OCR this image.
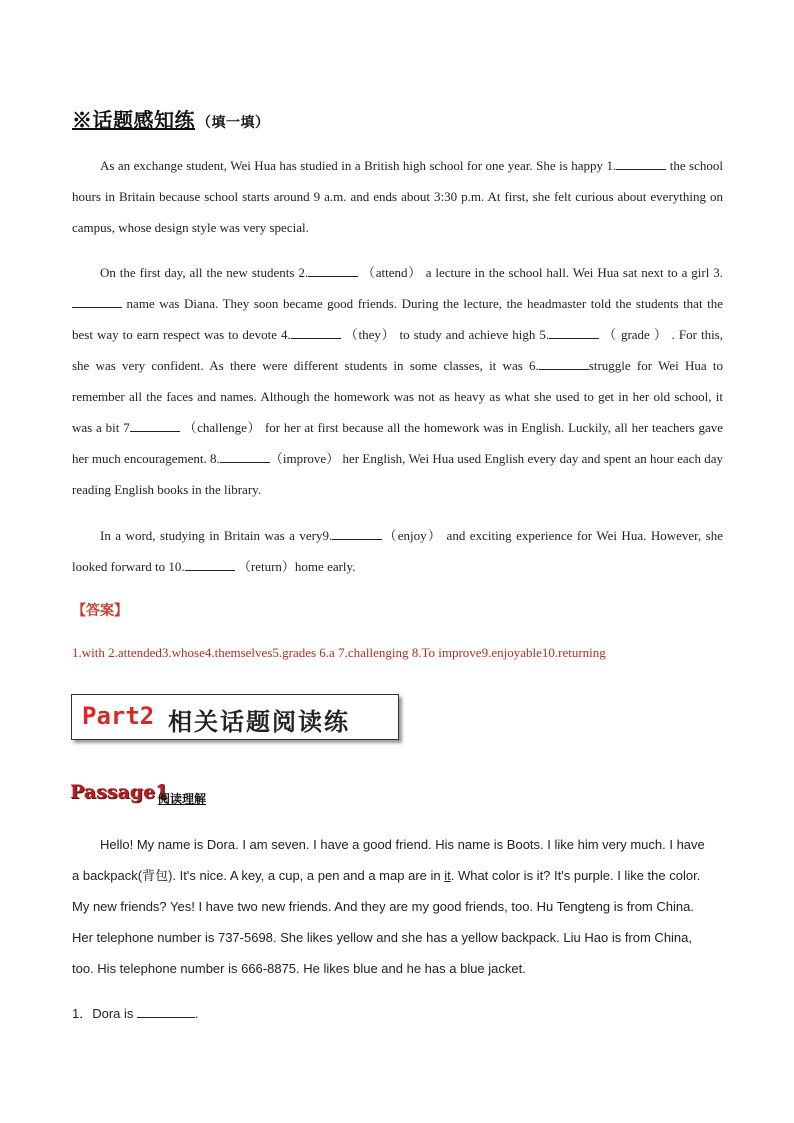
※话题感知练 （填一填）
As an exchange student, Wei Hua has studied in a British high school for one year. She is happy 1.	the school hours in Britain because school starts around 9 a.m. and ends about 3:30 p.m. At first, she felt curious about everything on campus, whose design style was very special.
On the first day, all the new students 2.	（attend） a lecture in the school hall. Wei Hua sat next to a girl 3. name was Diana. They soon became good friends. During the lecture, the headmaster told the students that the best way to earn respect was to devote 4.	（they） to study and achieve high 5.	（ grade ） . For this, she was very confident. As there were different students in some classes, it was 6.	struggle for Wei Hua to remember all the faces and names. Although the homework was not as heavy as what she used to get in her old school, it was a bit 7	（challenge） for her at first because all the homework was in English. Luckily, all her teachers gave her much encouragement. 8.	（improve） her English, Wei Hua used English every day and spent an hour each day reading English books in the library.
In a word, studying in Britain was a very9.	（enjoy） and exciting experience for Wei Hua. However, she looked forward to 10.	（return）home early.
【答案】
1.with 2.attended3.whose4.themselves5.grades 6.a 7.challenging 8.To improve9.enjoyable10.returning
Part2 相关话题阅读练
Passage1
阅读理解
Hello! My name is Dora. I am seven. I have a good friend. His name is Boots. I like him very much. I have a backpack(背包). It's nice. A key, a cup, a pen and a map are in it. What color is it? It's purple. I like the color. My new friends? Yes! I have two new friends. And they are my good friends, too. Hu Tengteng is from China. Her telephone number is 737-5698. She likes yellow and she has a yellow backpack. Liu Hao is from China, too. His telephone number is 666-8875. He likes blue and he has a blue jacket.
1．Dora is	.
